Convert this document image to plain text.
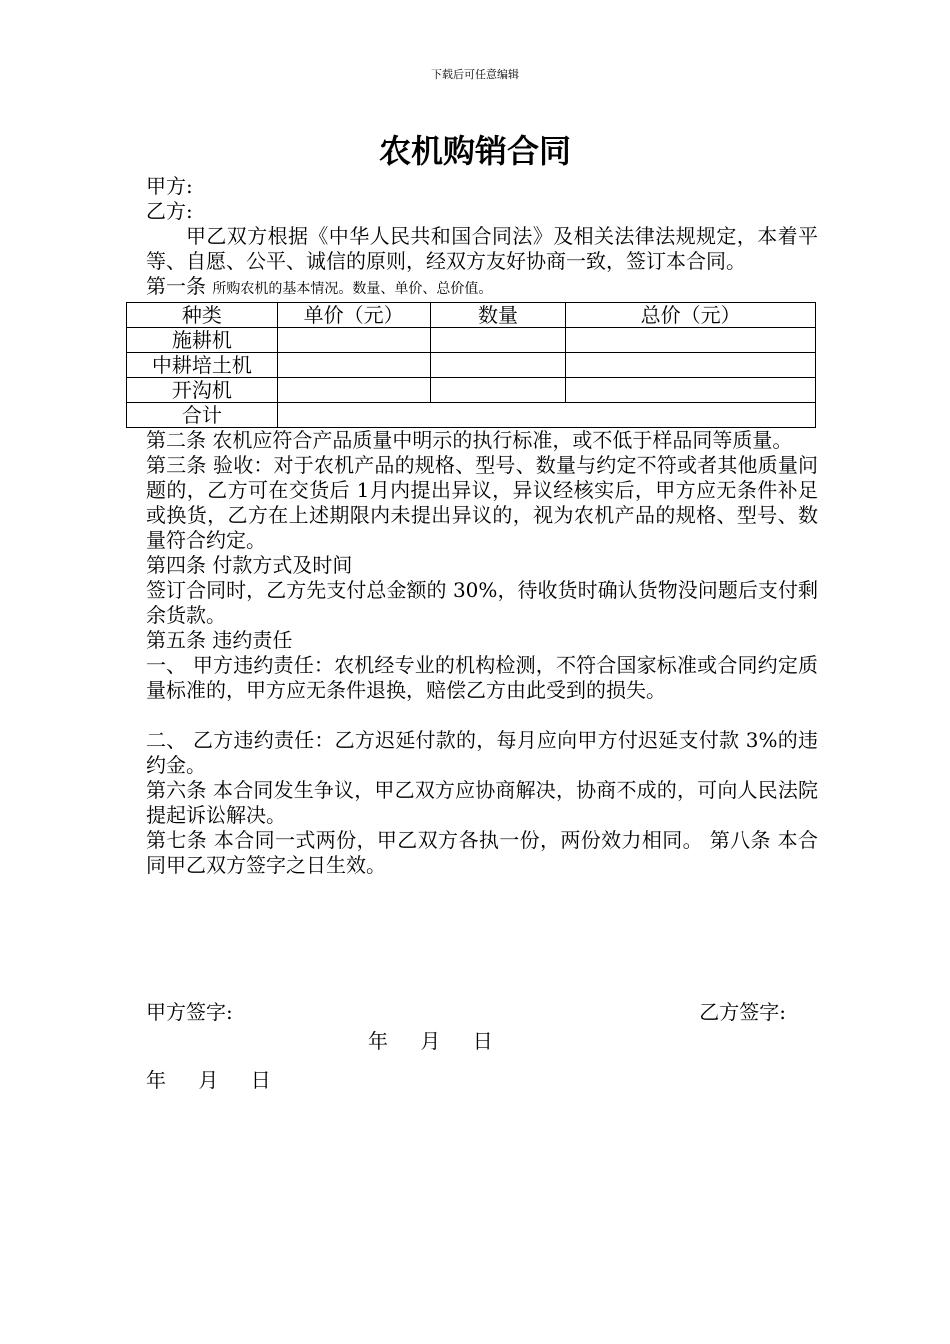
下载后可任意编辑
农机购销合同

甲方:

乙方:

甲乙双方根据《中华人民共和国合同法》及相关法律法规规定，本着平等、自愿、公平、诚信的原则，经双方友好协商一致，签订本合同。

第一条 所购农机的基本情况。数量、单价、总价值。

种类	单价（元）	数量	总价（元）
施耕机			
中耕培土机			
开沟机			
合计			

第二条 农机应符合产品质量中明示的执行标准，或不低于样品同等质量。

第三条 验收：对于农机产品的规格、型号、数量与约定不符或者其他质量问题的，乙方可在交货后 1月内提出异议，异议经核实后，甲方应无条件补足或换货，乙方在上述期限内未提出异议的，视为农机产品的规格、型号、数量符合约定。

第四条 付款方式及时间

签订合同时，乙方先支付总金额的 30%，待收货时确认货物没问题后支付剩余货款。

第五条 违约责任

一、 甲方违约责任：农机经专业的机构检测，不符合国家标准或合同约定质量标准的，甲方应无条件退换，赔偿乙方由此受到的损失。

二、 乙方违约责任：乙方迟延付款的，每月应向甲方付迟延支付款 3%的违约金。

第六条 本合同发生争议，甲乙双方应协商解决，协商不成的，可向人民法院提起诉讼解决。

第七条 本合同一式两份，甲乙双方各执一份，两份效力相同。 第八条 本合同甲乙双方签字之日生效。

甲方签字:	乙方签字:
年 月 日
年 月 日
